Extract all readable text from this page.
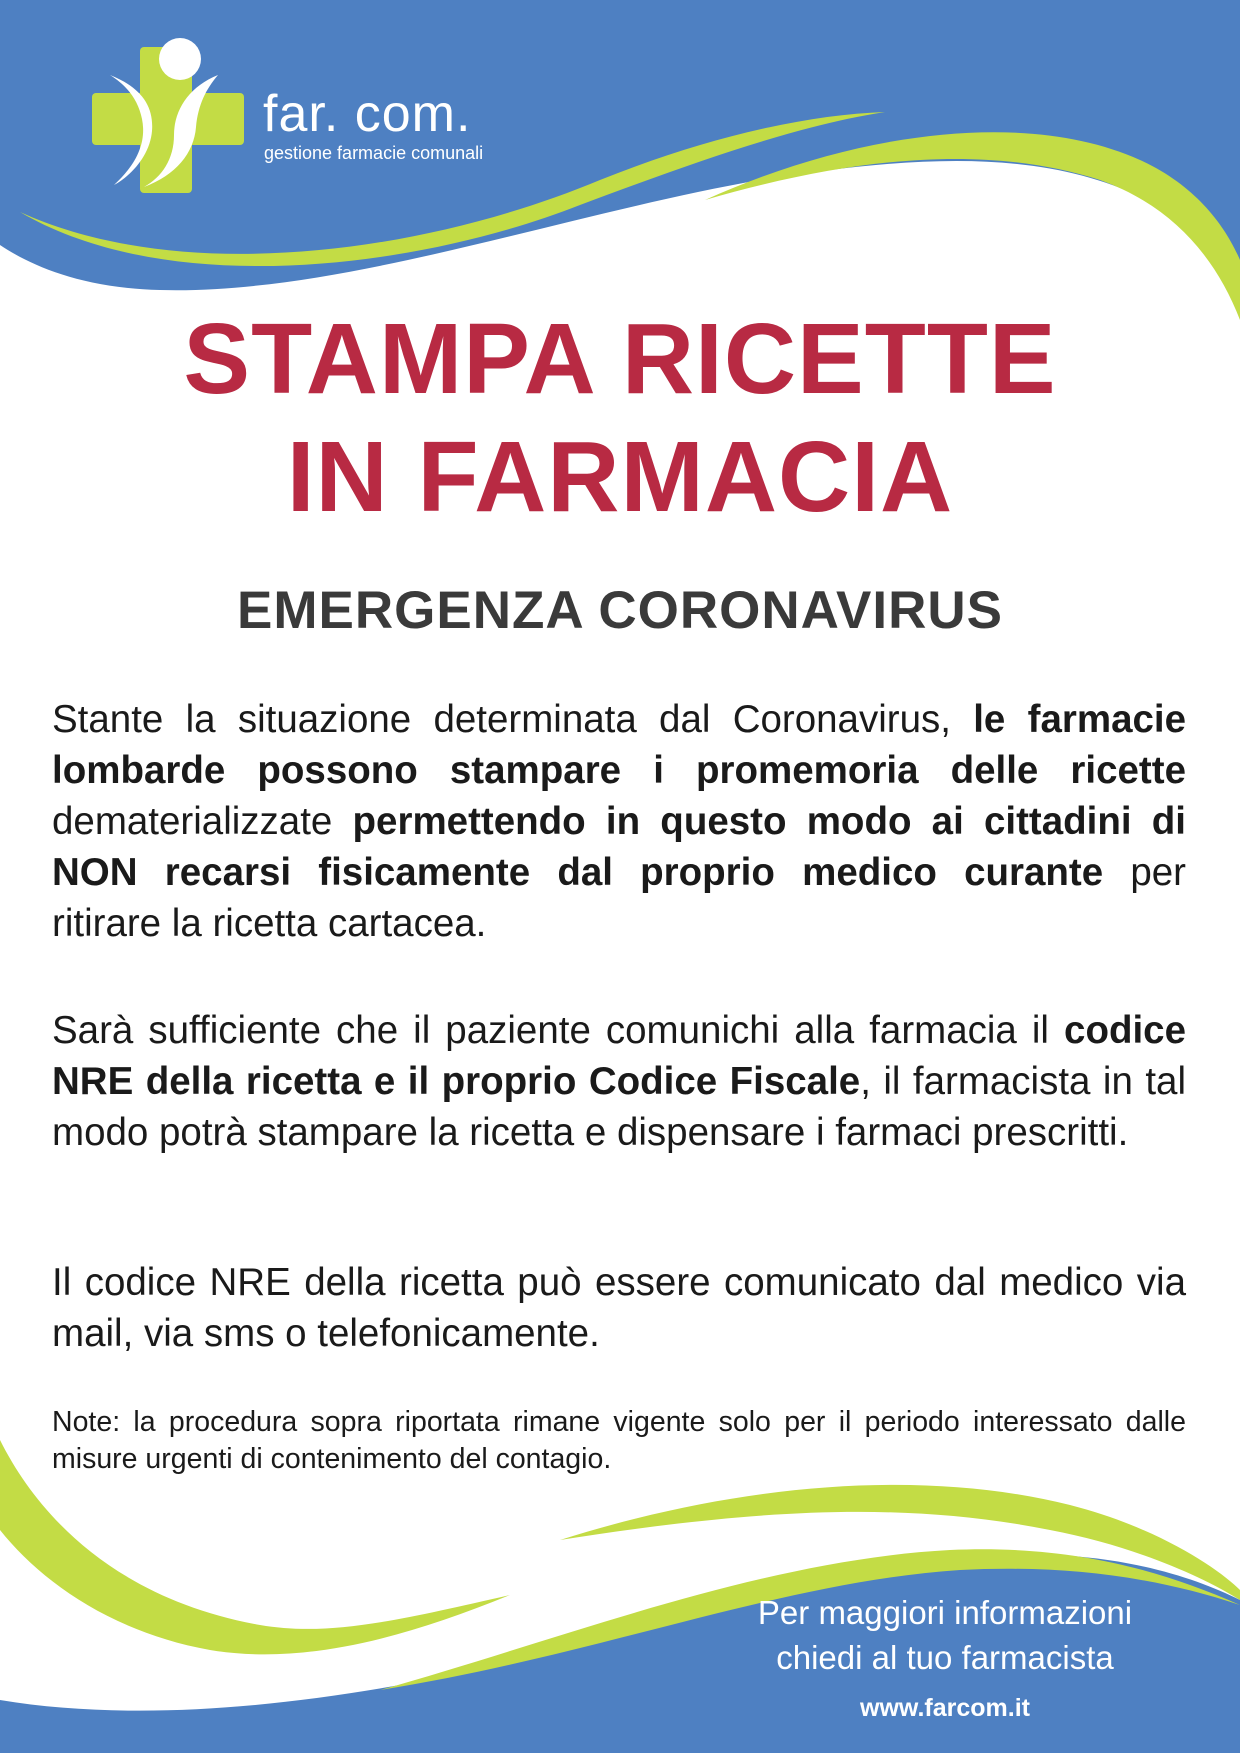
far. com.
gestione farmacie comunali
STAMPA RICETTE
IN FARMACIA
EMERGENZA CORONAVIRUS
Stante la situazione determinata dal Coronavirus, le farmacie lombarde possono stampare i promemoria delle ricette dematerializzate permettendo in questo modo ai cittadini di NON recarsi fisicamente dal proprio medico curante per ritirare la ricetta cartacea.
Sarà sufficiente che il paziente comunichi alla farmacia il codice NRE della ricetta e il proprio Codice Fiscale, il farmacista in tal modo potrà stampare la ricetta e dispensare i farmaci prescritti.
Il codice NRE della ricetta può essere comunicato dal medico via mail, via sms o telefonicamente.
Note: la procedura sopra riportata rimane vigente solo per il periodo interessato dalle misure urgenti di contenimento del contagio.
Per maggiori informazioni
chiedi al tuo farmacista
www.farcom.it
